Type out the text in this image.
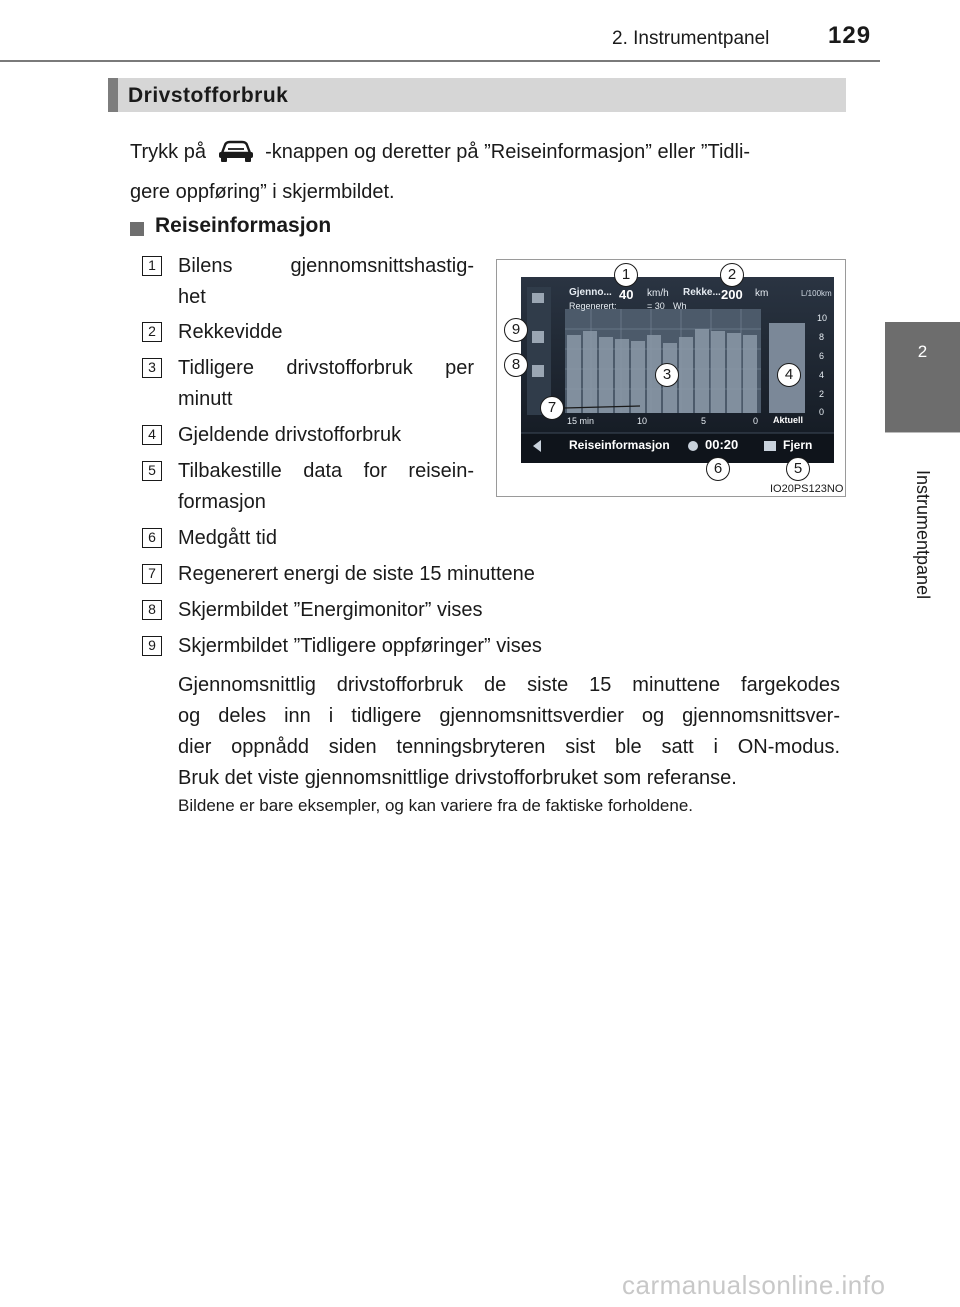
2. Instrumentpanel 129
2
Instrumentpanel
Drivstofforbruk
Trykk på	-knappen og deretter på ”Reiseinformasjon” eller ”Tidli-
gere oppføring” i skjermbildet.
Reiseinformasjon
1	Bilens gjennomsnittshastig-
het
2	Rekkevidde
3	Tidligere drivstofforbruk per
minutt
4	Gjeldende drivstofforbruk
5	Tilbakestille data for reisein-
formasjon
6	Medgått tid
7	Regenerert energi de siste 15 minuttene
8	Skjermbildet ”Energimonitor” vises
9	Skjermbildet ”Tidligere oppføringer” vises
Gjennomsnittlig drivstofforbruk de siste 15 minuttene fargekodes
og deles inn i tidligere gjennomsnittsverdier og gjennomsnittsver-
dier oppnådd siden tenningsbryteren sist ble satt i ON-modus.
Bruk det viste gjennomsnittlige drivstofforbruket som referanse.
Bildene er bare eksempler, og kan variere fra de faktiske forholdene.
Gjenno... 40 km/h Rekke... 200 km	L/100km
Regenerert:	= 30 Wh
10
8
6
4
2
0
15 min	10	5	0 Aktuell
Reiseinformasjon	00:20	Fjern
1	2
3	4
5
6
7
8
9
IO20PS123NO
carmanualsonline.info
